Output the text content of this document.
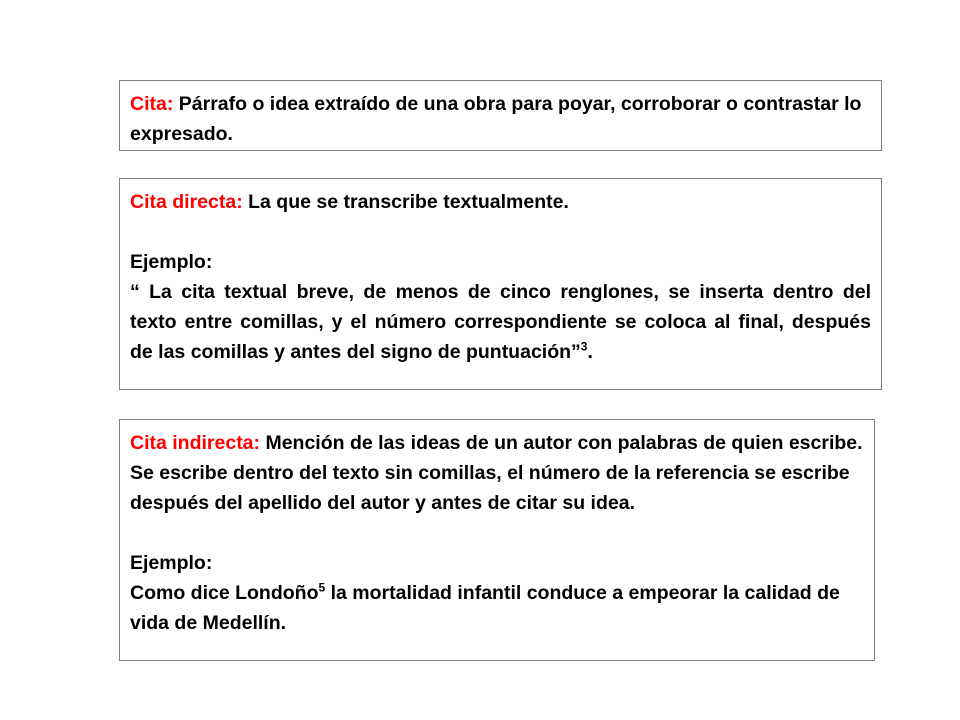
Cita: Párrafo o idea extraído de una obra para poyar, corroborar o contrastar lo expresado.

Cita directa: La que se transcribe textualmente.

Ejemplo:

“ La cita textual breve, de menos de cinco renglones, se inserta dentro del texto entre comillas, y el número correspondiente se coloca al final, después de las comillas y antes del signo de puntuación”$^3$.

Cita indirecta: Mención de las ideas de un autor con palabras de quien escribe. Se escribe dentro del texto sin comillas, el número de la referencia se escribe después del apellido del autor y antes de citar su idea.

Ejemplo:

Como dice Londoño$^5$ la mortalidad infantil conduce a empeorar la calidad de vida de Medellín.
